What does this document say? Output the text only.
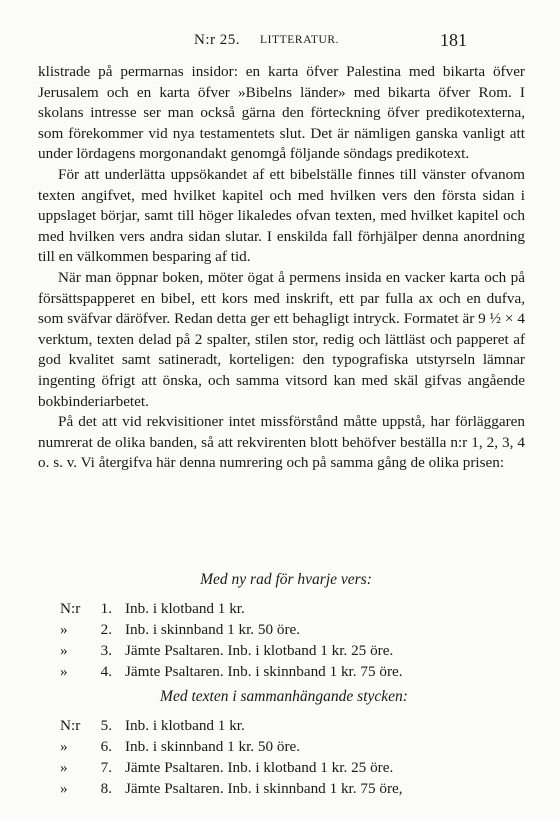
N:r 25. LITTERATUR.	181

klistrade på permarnas insidor: en karta öfver Palestina med bikarta öfver Jerusalem och en karta öfver »Bibelns länder» med bikarta öfver Rom. I skolans intresse ser man också gärna den förteckning öfver predikotexterna, som förekommer vid nya testamentets slut. Det är nämligen ganska vanligt att under lördagens morgonandakt genomgå följande söndags predikotext.

För att underlätta uppsökandet af ett bibelställe finnes till vänster ofvanom texten angifvet, med hvilket kapitel och med hvilken vers den första sidan i uppslaget börjar, samt till höger likaledes ofvan texten, med hvilket kapitel och med hvilken vers andra sidan slutar. I enskilda fall förhjälper denna anordning till en välkommen besparing af tid.

När man öppnar boken, möter ögat å permens insida en vacker karta och på försättspapperet en bibel, ett kors med inskrift, ett par fulla ax och en dufva, som sväfvar däröfver. Redan detta ger ett behagligt intryck. Formatet är 9 ½ × 4 verktum, texten delad på 2 spalter, stilen stor, redig och lättläst och papperet af god kvalitet samt satineradt, korteligen: den typografiska utstyrseln lämnar ingenting öfrigt att önska, och samma vitsord kan med skäl gifvas angående bokbinderiarbetet.

På det att vid rekvisitioner intet missförstånd måtte uppstå, har förläggaren numrerat de olika banden, så att rekvirenten blott behöfver beställa n:r 1, 2, 3, 4 o. s. v. Vi återgifva här denna numrering och på samma gång de olika prisen:

Med ny rad för hvarje vers:
N:r 1. Inb. i klotband 1 kr.
» 2. Inb. i skinnband 1 kr. 50 öre.
» 3. Jämte Psaltaren. Inb. i klotband 1 kr. 25 öre.
» 4. Jämte Psaltaren. Inb. i skinnband 1 kr. 75 öre.
Med texten i sammanhängande stycken:
N:r 5. Inb. i klotband 1 kr.
» 6. Inb. i skinnband 1 kr. 50 öre.
» 7. Jämte Psaltaren. Inb. i klotband 1 kr. 25 öre.
» 8. Jämte Psaltaren. Inb. i skinnband 1 kr. 75 öre,
